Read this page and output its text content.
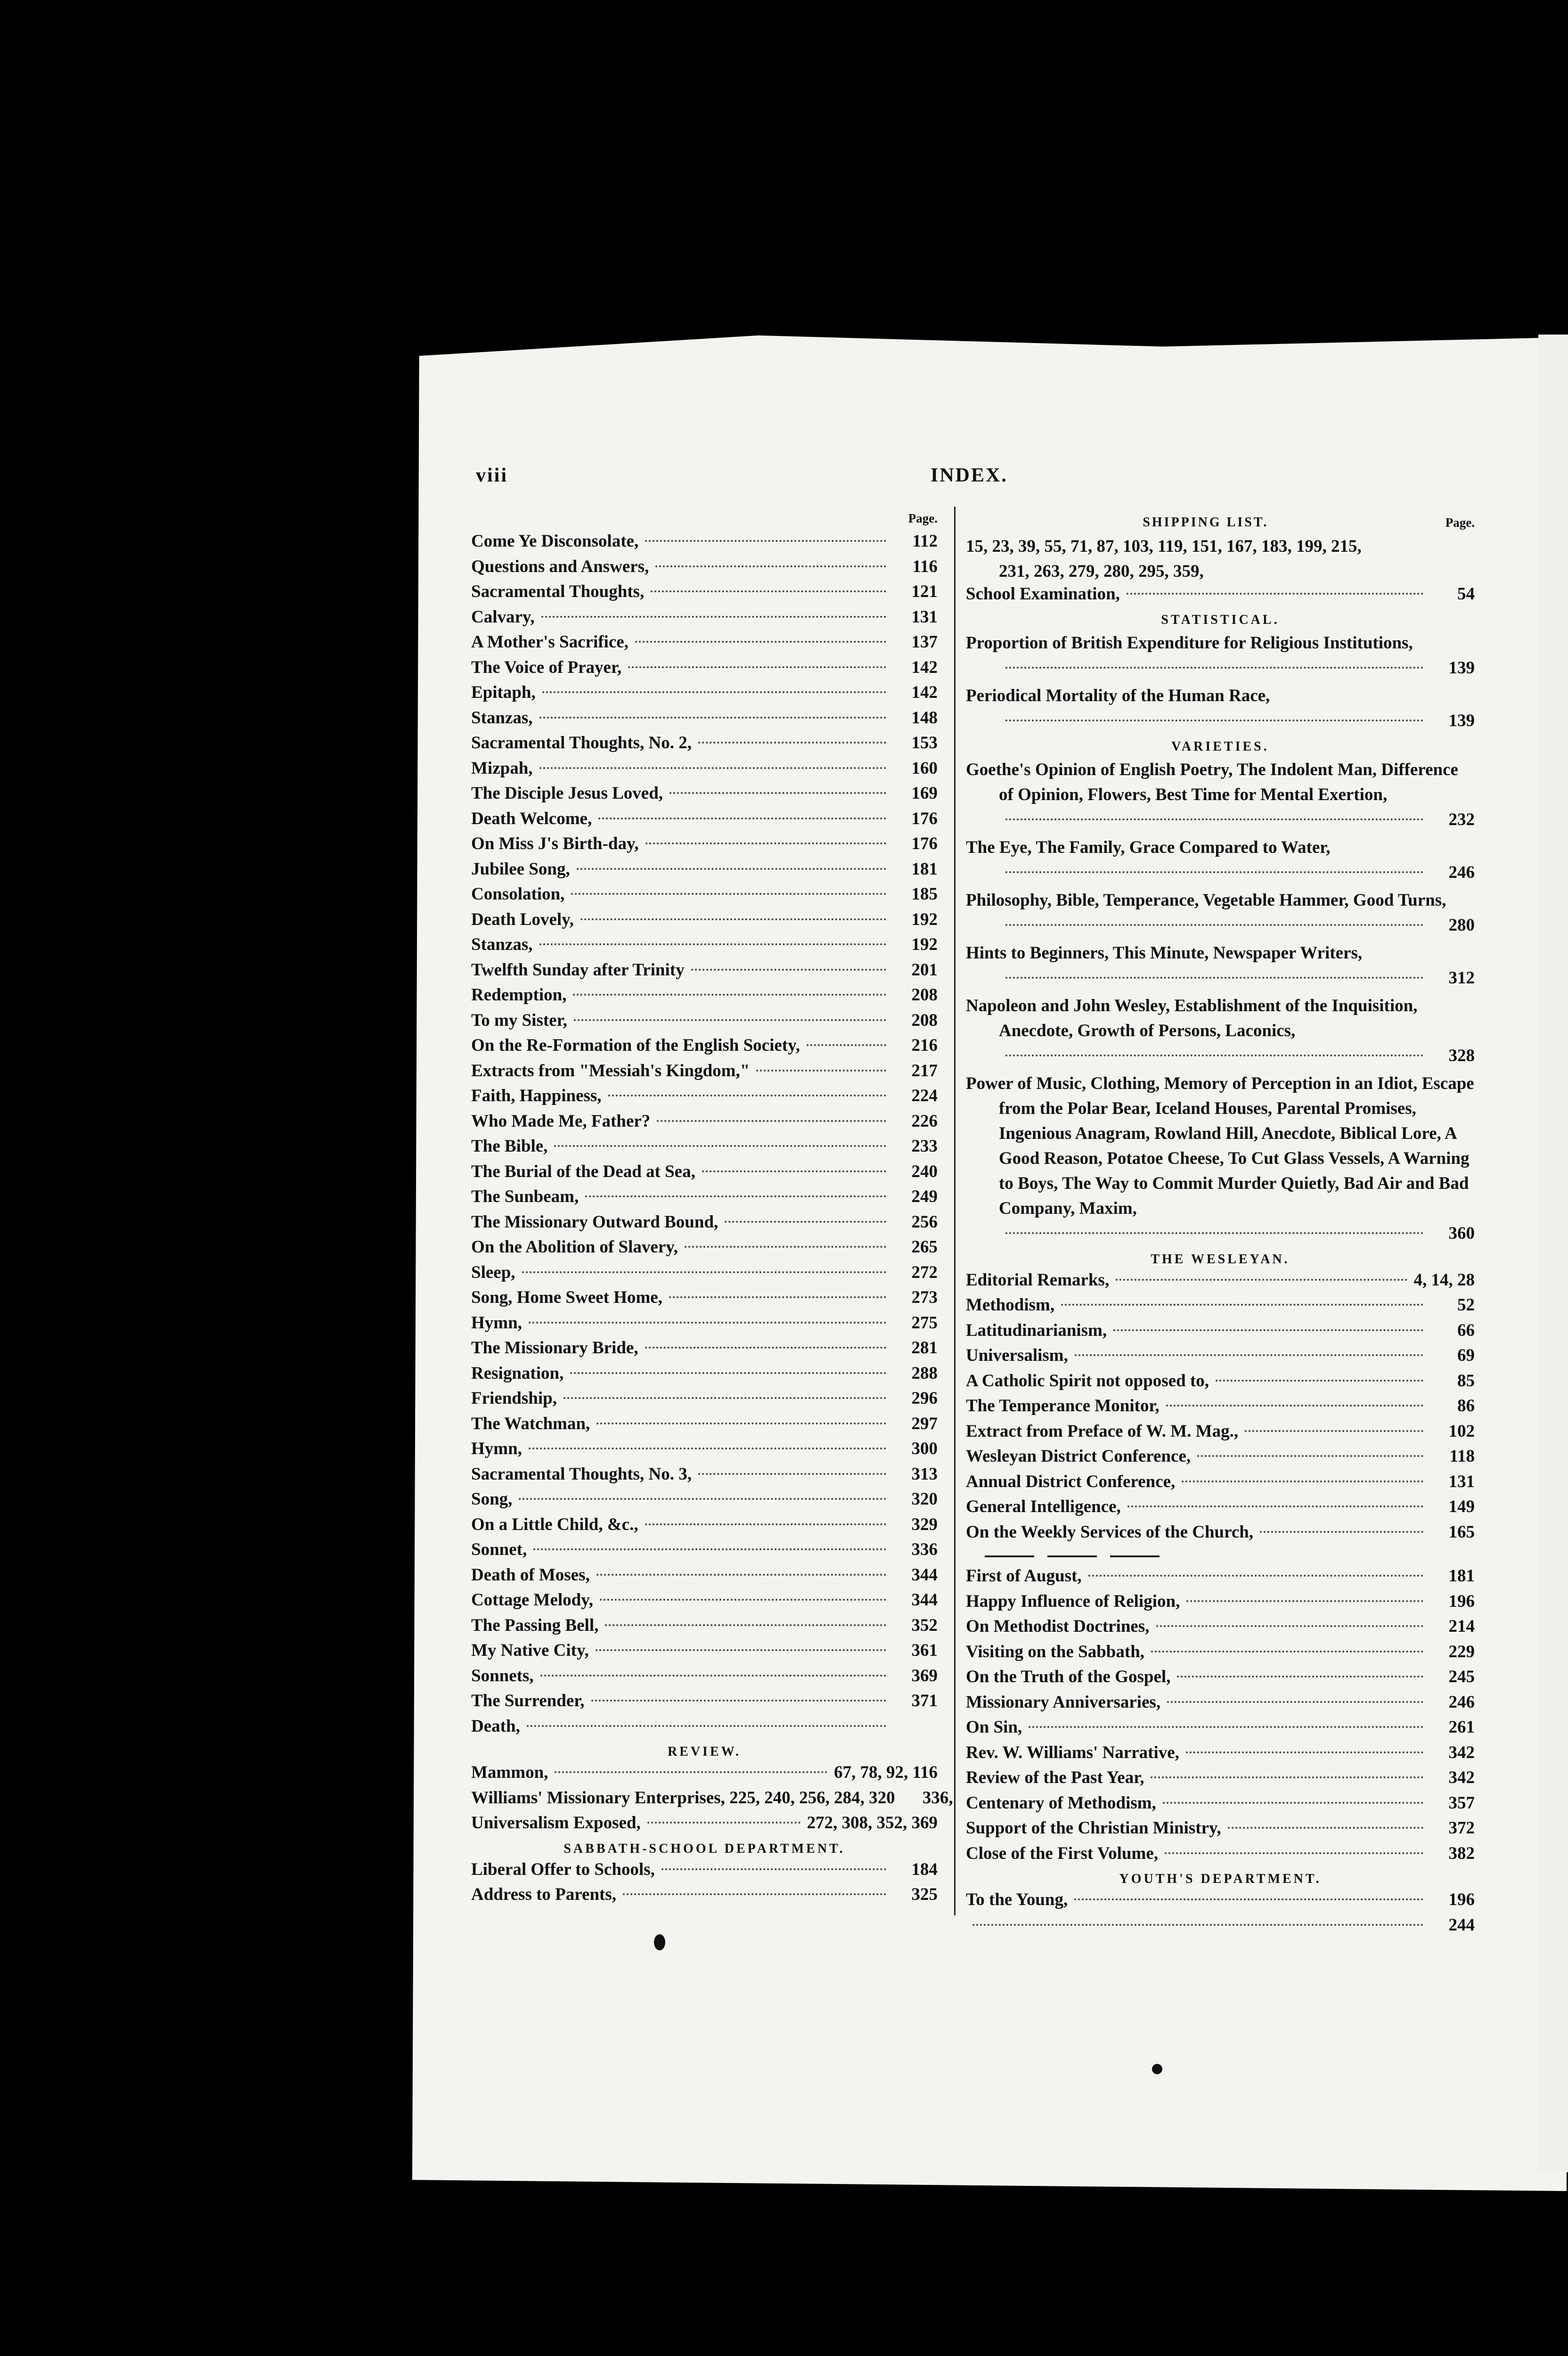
viii	INDEX.
Page.
Come Ye Disconsolate,	112
Questions and Answers,	116
Sacramental Thoughts,	121
Calvary,	131
A Mother's Sacrifice,	137
The Voice of Prayer,	142
Epitaph,	142
Stanzas,	148
Sacramental Thoughts, No. 2,	153
Mizpah,	160
The Disciple Jesus Loved,	169
Death Welcome,	176
On Miss J's Birth-day,	176
Jubilee Song,	181
Consolation,	185
Death Lovely,	192
Stanzas,	192
Twelfth Sunday after Trinity	201
Redemption,	208
To my Sister,	208
On the Re-Formation of the English Society,	216
Extracts from "Messiah's Kingdom,"	217
Faith, Happiness,	224
Who Made Me, Father?	226
The Bible,	233
The Burial of the Dead at Sea,	240
The Sunbeam,	249
The Missionary Outward Bound,	256
On the Abolition of Slavery,	265
Sleep,	272
Song, Home Sweet Home,	273
Hymn,	275
The Missionary Bride,	281
Resignation,	288
Friendship,	296
The Watchman,	297
Hymn,	300
Sacramental Thoughts, No. 3,	313
Song,	320
On a Little Child, &c.,	329
Sonnet,	336
Death of Moses,	344
Cottage Melody,	344
The Passing Bell,	352
My Native City,	361
Sonnets,	369
The Surrender,	371
Death,
REVIEW.
Mammon,	67, 78, 92, 116
Williams' Missionary Enterprises, 225, 240, 256, 284, 320	336,
Universalism Exposed,	272, 308, 352, 369
SABBATH-SCHOOL DEPARTMENT.
Liberal Offer to Schools,	184
Address to Parents,	325
SHIPPING LIST.	Page.
15, 23, 39, 55, 71, 87, 103, 119, 151, 167, 183, 199, 215,
231, 263, 279, 280, 295, 359,
School Examination,	54
STATISTICAL.
Proportion of British Expenditure for Religious Institutions,
139
Periodical Mortality of the Human Race,
139
VARIETIES.
Goethe's Opinion of English Poetry, The Indolent Man, Difference of Opinion, Flowers, Best Time for Mental Exertion,
232
The Eye, The Family, Grace Compared to Water,
246
Philosophy, Bible, Temperance, Vegetable Hammer, Good Turns,
280
Hints to Beginners, This Minute, Newspaper Writers,
312
Napoleon and John Wesley, Establishment of the Inquisition, Anecdote, Growth of Persons, Laconics,
328
Power of Music, Clothing, Memory of Perception in an Idiot, Escape from the Polar Bear, Iceland Houses, Parental Promises, Ingenious Anagram, Rowland Hill, Anecdote, Biblical Lore, A Good Reason, Potatoe Cheese, To Cut Glass Vessels, A Warning to Boys, The Way to Commit Murder Quietly, Bad Air and Bad Company, Maxim,
360
THE WESLEYAN.
Editorial Remarks,	4, 14, 28
Methodism,	52
Latitudinarianism,	66
Universalism,	69
A Catholic Spirit not opposed to,	85
The Temperance Monitor,	86
Extract from Preface of W. M. Mag.,	102
Wesleyan District Conference,	118
Annual District Conference,	131
General Intelligence,	149
On the Weekly Services of the Church,	165
First of August,	181
Happy Influence of Religion,	196
On Methodist Doctrines,	214
Visiting on the Sabbath,	229
On the Truth of the Gospel,	245
Missionary Anniversaries,	246
On Sin,	261
Rev. W. Williams' Narrative,	342
Review of the Past Year,	342
Centenary of Methodism,	357
Support of the Christian Ministry,	372
Close of the First Volume,	382
YOUTH'S DEPARTMENT.
To the Young,	196
244
